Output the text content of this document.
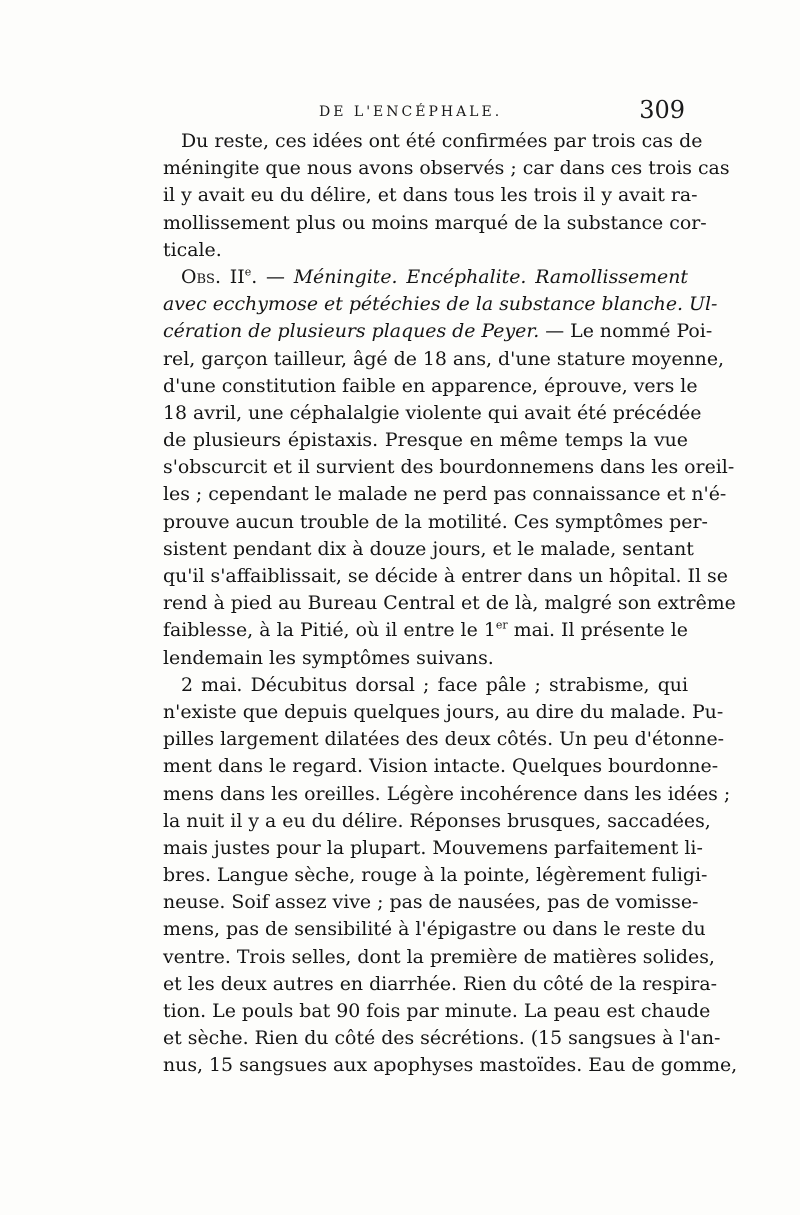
DE L'ENCÉPHALE.	309
Du reste, ces idées ont été confirmées par trois cas de
méningite que nous avons observés ; car dans ces trois cas
il y avait eu du délire, et dans tous les trois il y avait ra-
mollissement plus ou moins marqué de la substance cor-
ticale.
Obs. IIe. — Méningite. Encéphalite. Ramollissement
avec ecchymose et pétéchies de la substance blanche. Ul-
cération de plusieurs plaques de Peyer. — Le nommé Poi-
rel, garçon tailleur, âgé de 18 ans, d'une stature moyenne,
d'une constitution faible en apparence, éprouve, vers le
18 avril, une céphalalgie violente qui avait été précédée
de plusieurs épistaxis. Presque en même temps la vue
s'obscurcit et il survient des bourdonnemens dans les oreil-
les ; cependant le malade ne perd pas connaissance et n'é-
prouve aucun trouble de la motilité. Ces symptômes per-
sistent pendant dix à douze jours, et le malade, sentant
qu'il s'affaiblissait, se décide à entrer dans un hôpital. Il se
rend à pied au Bureau Central et de là, malgré son extrême
faiblesse, à la Pitié, où il entre le 1er mai. Il présente le
lendemain les symptômes suivans.
2 mai. Décubitus dorsal ; face pâle ; strabisme, qui
n'existe que depuis quelques jours, au dire du malade. Pu-
pilles largement dilatées des deux côtés. Un peu d'étonne-
ment dans le regard. Vision intacte. Quelques bourdonne-
mens dans les oreilles. Légère incohérence dans les idées ;
la nuit il y a eu du délire. Réponses brusques, saccadées,
mais justes pour la plupart. Mouvemens parfaitement li-
bres. Langue sèche, rouge à la pointe, légèrement fuligi-
neuse. Soif assez vive ; pas de nausées, pas de vomisse-
mens, pas de sensibilité à l'épigastre ou dans le reste du
ventre. Trois selles, dont la première de matières solides,
et les deux autres en diarrhée. Rien du côté de la respira-
tion. Le pouls bat 90 fois par minute. La peau est chaude
et sèche. Rien du côté des sécrétions. (15 sangsues à l'an-
nus, 15 sangsues aux apophyses mastoïdes. Eau de gomme,
